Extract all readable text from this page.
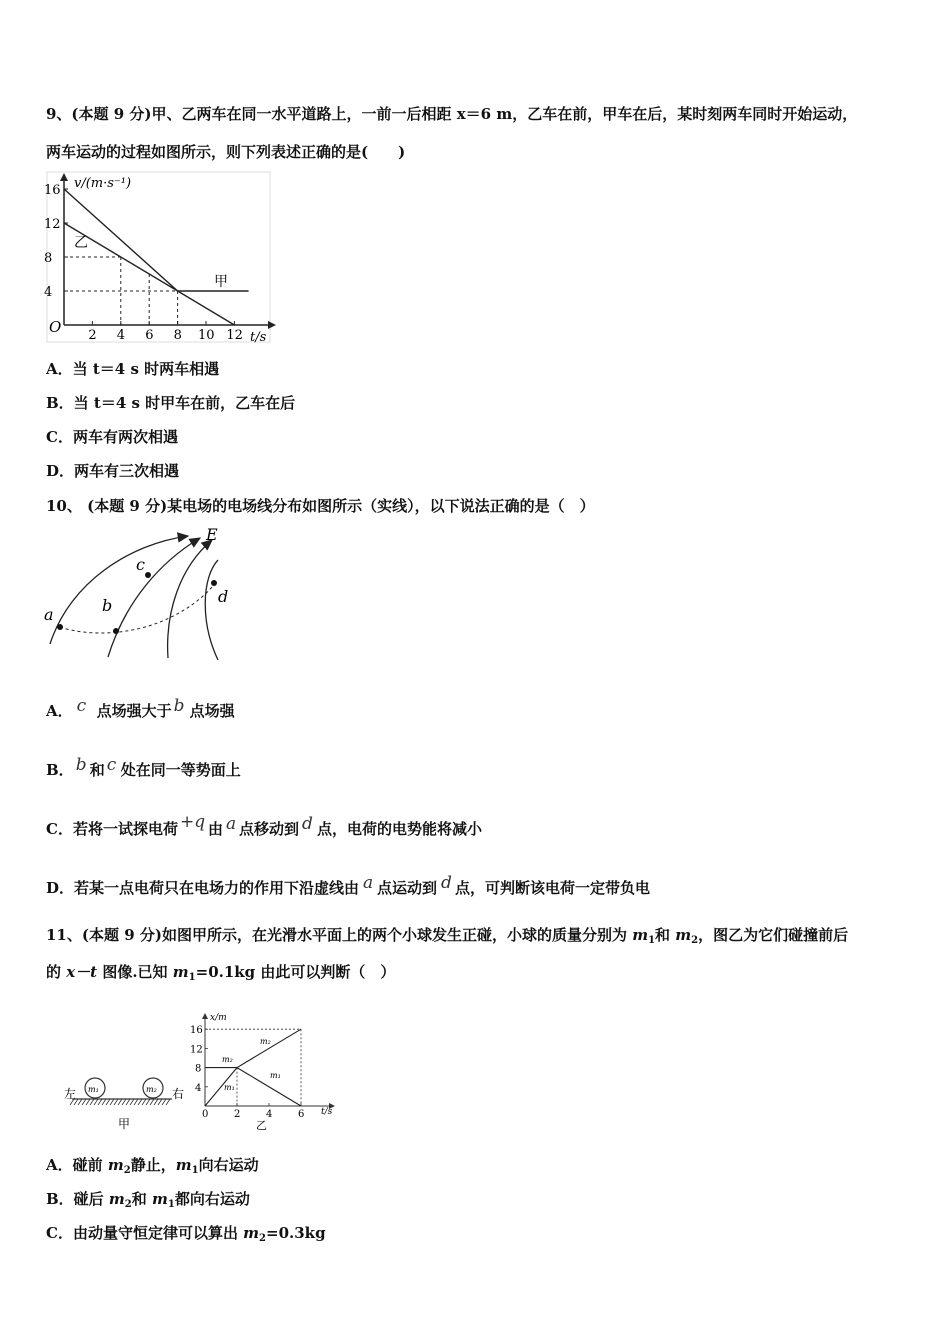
9、(本题 9 分)甲、乙两车在同一水平道路上，一前一后相距 x＝6 m，乙车在前，甲车在后，某时刻两车同时开始运动，
两车运动的过程如图所示，则下列表述正确的是(　　)
2 4 6 8 10 12
16
12
8
4
v/(m·s⁻¹)
t/s
O
甲
乙
A．当 t＝4 s 时两车相遇
B．当 t＝4 s 时甲车在前，乙车在后
C．两车有两次相遇
D．两车有三次相遇
10、 (本题 9 分)某电场的电场线分布如图所示（实线），以下说法正确的是（　）
a	b
c
d
E
A． c 点场强大于 b 点场强
B． b 和 c 处在同一等势面上
C．若将一试探电荷 +q 由 a 点移动到 d 点，电荷的电势能将减小
D．若某一点电荷只在电场力的作用下沿虚线由 a 点运动到 d 点，可判断该电荷一定带负电
11、(本题 9 分)如图甲所示，在光滑水平面上的两个小球发生正碰，小球的质量分别为 $m_1$和 $m_2$，图乙为它们碰撞前后
的 x－t 图像.已知 $m_1=0.1kg$ 由此可以判断（　）
左	右
m₁	m₂
甲
0	2	4	6
16
12
8
4
x/m
t/s
m₂
m₂
m₁
m₁
乙
A．碰前 $m_2$静止，$m_1$向右运动
B．碰后 $m_2$和 $m_1$都向右运动
C．由动量守恒定律可以算出 $m_2=0.3kg$
